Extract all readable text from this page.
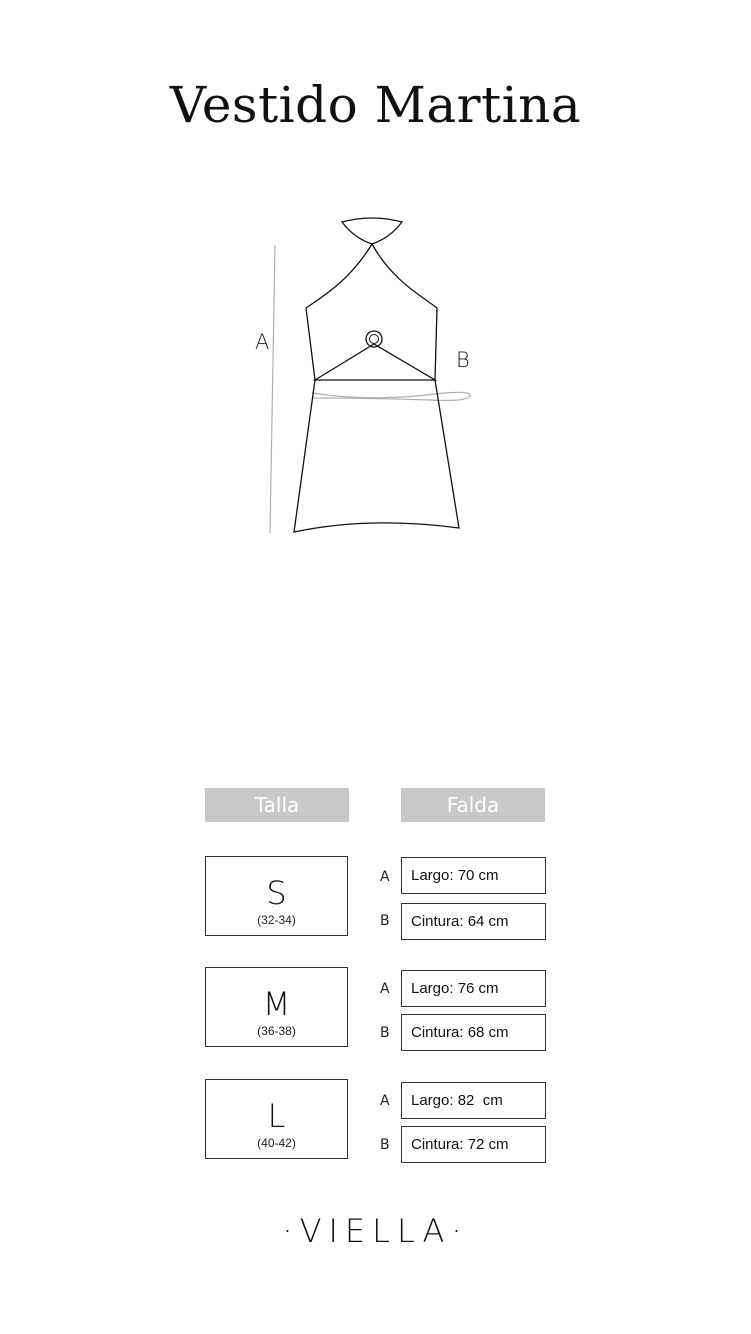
Vestido Martina
A
B
Talla	Falda
S
(32-34)
A	Largo: 70 cm
B	Cintura: 64 cm
M
(36-38)
A	Largo: 76 cm
B	Cintura: 68 cm
L
(40-42)
A	Largo: 82  cm
B	Cintura: 72 cm
·VIELLA·
